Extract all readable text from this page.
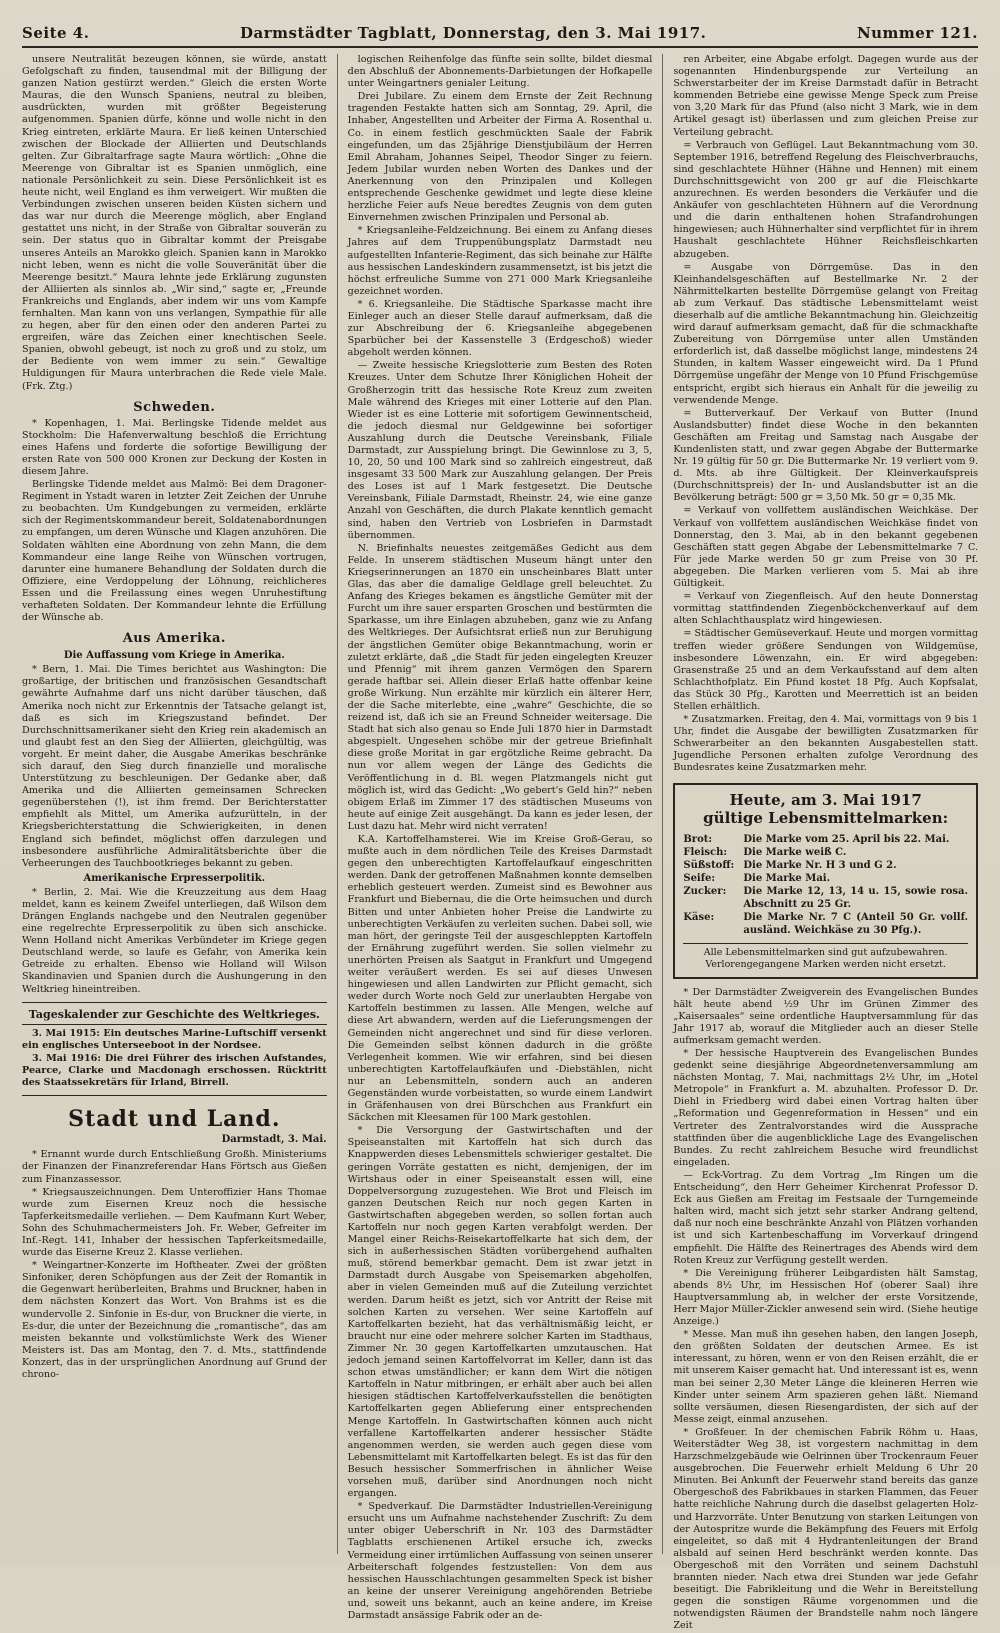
Seite 4.	Darmstädter Tagblatt, Donnerstag, den 3. Mai 1917.	Nummer 121.

unsere Neutralität bezeugen können, sie würde, anstatt Gefolgschaft zu finden, tausendmal mit der Billigung der ganzen Nation gestürzt werden.“ Gleich die ersten Worte Mauras, die den Wunsch Spaniens, neutral zu bleiben, ausdrückten, wurden mit größter Begeisterung aufgenommen. Spanien dürfe, könne und wolle nicht in den Krieg eintreten, erklärte Maura. Er ließ keinen Unterschied zwischen der Blockade der Alliierten und Deutschlands gelten. Zur Gibraltarfrage sagte Maura wörtlich: „Ohne die Meerenge von Gibraltar ist es Spanien unmöglich, eine nationale Persönlichkeit zu sein. Diese Persönlichkeit ist es heute nicht, weil England es ihm verweigert. Wir mußten die Verbindungen zwischen unseren beiden Küsten sichern und das war nur durch die Meerenge möglich, aber England gestattet uns nicht, in der Straße von Gibraltar souverän zu sein. Der status quo in Gibraltar kommt der Preisgabe unseres Anteils an Marokko gleich. Spanien kann in Marokko nicht leben, wenn es nicht die volle Souveränität über die Meerenge besitzt.“ Maura lehnte jede Erklärung zugunsten der Alliierten als sinnlos ab. „Wir sind,“ sagte er, „Freunde Frankreichs und Englands, aber indem wir uns vom Kampfe fernhalten. Man kann von uns verlangen, Sympathie für alle zu hegen, aber für den einen oder den anderen Partei zu ergreifen, wäre das Zeichen einer knechtischen Seele. Spanien, obwohl gebeugt, ist noch zu groß und zu stolz, um der Bediente von wem immer zu sein.“ Gewaltige Huldigungen für Maura unterbrachen die Rede viele Male. (Frk. Ztg.)

Schweden.

* Kopenhagen, 1. Mai. Berlingske Tidende meldet aus Stockholm: Die Hafenverwaltung beschloß die Errichtung eines Hafens und forderte die sofortige Bewilligung der ersten Rate von 500 000 Kronen zur Deckung der Kosten in diesem Jahre.

Berlingske Tidende meldet aus Malmö: Bei dem Dragoner-Regiment in Ystadt waren in letzter Zeit Zeichen der Unruhe zu beobachten. Um Kundgebungen zu vermeiden, erklärte sich der Regimentskommandeur bereit, Soldatenabordnungen zu empfangen, um deren Wünsche und Klagen anzuhören. Die Soldaten wählten eine Abordnung von zehn Mann, die dem Kommandeur eine lange Reihe von Wünschen vortrugen, darunter eine humanere Behandlung der Soldaten durch die Offiziere, eine Verdoppelung der Löhnung, reichlicheres Essen und die Freilassung eines wegen Unruhestiftung verhafteten Soldaten. Der Kommandeur lehnte die Erfüllung der Wünsche ab.

Aus Amerika.
Die Auffassung vom Kriege in Amerika.

* Bern, 1. Mai. Die Times berichtet aus Washington: Die großartige, der britischen und französischen Gesandtschaft gewährte Aufnahme darf uns nicht darüber täuschen, daß Amerika noch nicht zur Erkenntnis der Tatsache gelangt ist, daß es sich im Kriegszustand befindet. Der Durchschnittsamerikaner sieht den Krieg rein akademisch an und glaubt fest an den Sieg der Alliierten, gleichgültig, was vorgeht. Er meint daher, die Ausgabe Amerikas beschränke sich darauf, den Sieg durch finanzielle und moralische Unterstützung zu beschleunigen. Der Gedanke aber, daß Amerika und die Alliierten gemeinsamen Schrecken gegenüberstehen (!), ist ihm fremd. Der Berichterstatter empfiehlt als Mittel, um Amerika aufzurütteln, in der Kriegsberichterstattung die Schwierigkeiten, in denen England sich befindet, möglichst offen darzulegen und insbesondere ausführliche Admiralitätsberichte über die Verheerungen des Tauchbootkrieges bekannt zu geben.

Amerikanische Erpresserpolitik.

* Berlin, 2. Mai. Wie die Kreuzzeitung aus dem Haag meldet, kann es keinem Zweifel unterliegen, daß Wilson dem Drängen Englands nachgebe und den Neutralen gegenüber eine regelrechte Erpresserpolitik zu üben sich anschicke. Wenn Holland nicht Amerikas Verbündeter im Kriege gegen Deutschland werde, so laufe es Gefahr, von Amerika kein Getreide zu erhalten. Ebenso wie Holland will Wilson Skandinavien und Spanien durch die Aushungerung in den Weltkrieg hineintreiben.

Tageskalender zur Geschichte des Weltkrieges.

3. Mai 1915: Ein deutsches Marine-Luftschiff versenkt ein englisches Unterseeboot in der Nordsee.

3. Mai 1916: Die drei Führer des irischen Aufstandes, Pearce, Clarke und Macdonagh erschossen. Rücktritt des Staatssekretärs für Irland, Birrell.

Stadt und Land.
Darmstadt, 3. Mai.

* Ernannt wurde durch Entschließung Großh. Ministeriums der Finanzen der Finanzreferendar Hans Förtsch aus Gießen zum Finanzassessor.

* Kriegsauszeichnungen. Dem Unteroffizier Hans Thomae wurde zum Eisernen Kreuz noch die hessische Tapferkeitsmedaille verliehen. — Dem Kaufmann Kurt Weber, Sohn des Schuhmachermeisters Joh. Fr. Weber, Gefreiter im Inf.-Regt. 141, Inhaber der hessischen Tapferkeitsmedaille, wurde das Eiserne Kreuz 2. Klasse verliehen.

* Weingartner-Konzerte im Hoftheater. Zwei der größten Sinfoniker, deren Schöpfungen aus der Zeit der Romantik in die Gegenwart herüberleiten, Brahms und Bruckner, haben in dem nächsten Konzert das Wort. Von Brahms ist es die wundervolle 2. Sinfonie in Es-dur, von Bruckner die vierte, in Es-dur, die unter der Bezeichnung die „romantische“, das am meisten bekannte und volkstümlichste Werk des Wiener Meisters ist. Das am Montag, den 7. d. Mts., stattfindende Konzert, das in der ursprünglichen Anordnung auf Grund der chrono-

logischen Reihenfolge das fünfte sein sollte, bildet diesmal den Abschluß der Abonnements-Darbietungen der Hofkapelle unter Weingartners genialer Leitung.

Drei Jubilare. Zu einem dem Ernste der Zeit Rechnung tragenden Festakte hatten sich am Sonntag, 29. April, die Inhaber, Angestellten und Arbeiter der Firma A. Rosenthal u. Co. in einem festlich geschmückten Saale der Fabrik eingefunden, um das 25jährige Dienstjubiläum der Herren Emil Abraham, Johannes Seipel, Theodor Singer zu feiern. Jedem Jubilar wurden neben Worten des Dankes und der Anerkennung von den Prinzipalen und Kollegen entsprechende Geschenke gewidmet und legte diese kleine herzliche Feier aufs Neue beredtes Zeugnis von dem guten Einvernehmen zwischen Prinzipalen und Personal ab.

* Kriegsanleihe-Feldzeichnung. Bei einem zu Anfang dieses Jahres auf dem Truppenübungsplatz Darmstadt neu aufgestellten Infanterie-Regiment, das sich beinahe zur Hälfte aus hessischen Landeskindern zusammensetzt, ist bis jetzt die höchst erfreuliche Summe von 271 000 Mark Kriegsanleihe gezeichnet worden.

* 6. Kriegsanleihe. Die Städtische Sparkasse macht ihre Einleger auch an dieser Stelle darauf aufmerksam, daß die zur Abschreibung der 6. Kriegsanleihe abgegebenen Sparbücher bei der Kassenstelle 3 (Erdgeschoß) wieder abgeholt werden können.

— Zweite hessische Kriegslotterie zum Besten des Roten Kreuzes. Unter dem Schutze Ihrer Königlichen Hoheit der Großherzogin tritt das hessische Rote Kreuz zum zweiten Male während des Krieges mit einer Lotterie auf den Plan. Wieder ist es eine Lotterie mit sofortigem Gewinnentscheid, die jedoch diesmal nur Geldgewinne bei sofortiger Auszahlung durch die Deutsche Vereinsbank, Filiale Darmstadt, zur Ausspielung bringt. Die Gewinnlose zu 3, 5, 10, 20, 50 und 100 Mark sind so zahlreich eingestreut, daß insgesamt 33 500 Mark zur Auszahlung gelangen. Der Preis des Loses ist auf 1 Mark festgesetzt. Die Deutsche Vereinsbank, Filiale Darmstadt, Rheinstr. 24, wie eine ganze Anzahl von Geschäften, die durch Plakate kenntlich gemacht sind, haben den Vertrieb von Losbriefen in Darmstadt übernommen.

N. Briefinhalts neuestes zeitgemäßes Gedicht aus dem Felde. In unserem städtischen Museum hängt unter den Kriegserinnerungen an 1870 ein unscheinbares Blatt unter Glas, das aber die damalige Geldlage grell beleuchtet. Zu Anfang des Krieges bekamen es ängstliche Gemüter mit der Furcht um ihre sauer ersparten Groschen und bestürmten die Sparkasse, um ihre Einlagen abzuheben, ganz wie zu Anfang des Weltkrieges. Der Aufsichtsrat erließ nun zur Beruhigung der ängstlichen Gemüter obige Bekanntmachung, worin er zuletzt erklärte, daß „die Stadt für jeden eingelegten Kreuzer und Pfennig“ mit ihrem ganzen Vermögen den Sparern gerade haftbar sei. Allein dieser Erlaß hatte offenbar keine große Wirkung. Nun erzählte mir kürzlich ein älterer Herr, der die Sache miterlebte, eine „wahre“ Geschichte, die so reizend ist, daß ich sie an Freund Schneider weitersage. Die Stadt hat sich also genau so Ende Juli 1870 hier in Darmstadt abgespielt. Ungesehen schöbe mir der getreue Briefinhalt diese große Moritat in gar ergötzliche Reime gebracht. Da nun vor allem wegen der Länge des Gedichts die Veröffentlichung in d. Bl. wegen Platzmangels nicht gut möglich ist, wird das Gedicht: „Wo gebert's Geld hin?“ neben obigem Erlaß im Zimmer 17 des städtischen Museums von heute auf einige Zeit ausgehängt. Da kann es jeder lesen, der Lust dazu hat. Mehr wird nicht verraten!

K.A. Kartoffelhamsterei. Wie im Kreise Groß-Gerau, so mußte auch in dem nördlichen Teile des Kreises Darmstadt gegen den unberechtigten Kartoffelaufkauf eingeschritten werden. Dank der getroffenen Maßnahmen konnte demselben erheblich gesteuert werden. Zumeist sind es Bewohner aus Frankfurt und Biebernau, die die Orte heimsuchen und durch Bitten und unter Anbieten hoher Preise die Landwirte zu unberechtigten Verkäufen zu verleiten suchen. Dabei soll, wie man hört, der geringste Teil der ausgeschleppten Kartoffeln der Ernährung zugeführt werden. Sie sollen vielmehr zu unerhörten Preisen als Saatgut in Frankfurt und Umgegend weiter veräußert werden. Es sei auf dieses Unwesen hingewiesen und allen Landwirten zur Pflicht gemacht, sich weder durch Worte noch Geld zur unerlaubten Hergabe von Kartoffeln bestimmen zu lassen. Alle Mengen, welche auf diese Art abwandern, werden auf die Lieferungsmengen der Gemeinden nicht angerechnet und sind für diese verloren. Die Gemeinden selbst können dadurch in die größte Verlegenheit kommen. Wie wir erfahren, sind bei diesen unberechtigten Kartoffelaufkäufen und -Diebstählen, nicht nur an Lebensmitteln, sondern auch an anderen Gegenständen wurde vorbeistatten, so wurde einem Landwirt in Gräfenhausen von drei Bürschchen aus Frankfurt ein Säckchen mit Kleesamen für 100 Mark gestohlen.

* Die Versorgung der Gastwirtschaften und der Speiseanstalten mit Kartoffeln hat sich durch das Knappwerden dieses Lebensmittels schwieriger gestaltet. Die geringen Vorräte gestatten es nicht, demjenigen, der im Wirtshaus oder in einer Speiseanstalt essen will, eine Doppelversorgung zuzugestehen. Wie Brot und Fleisch im ganzen Deutschen Reich nur noch gegen Karten in Gastwirtschaften abgegeben werden, so sollen fortan auch Kartoffeln nur noch gegen Karten verabfolgt werden. Der Mangel einer Reichs-Reisekartoffelkarte hat sich dem, der sich in außerhessischen Städten vorübergehend aufhalten muß, störend bemerkbar gemacht. Dem ist zwar jetzt in Darmstadt durch Ausgabe von Speisemarken abgeholfen, aber in vielen Gemeinden muß auf die Zuteilung verzichtet werden. Darum heißt es jetzt, sich vor Antritt der Reise mit solchen Karten zu versehen. Wer seine Kartoffeln auf Kartoffelkarten bezieht, hat das verhältnismäßig leicht, er braucht nur eine oder mehrere solcher Karten im Stadthaus, Zimmer Nr. 30 gegen Kartoffelkarten umzutauschen. Hat jedoch jemand seinen Kartoffelvorrat im Keller, dann ist das schon etwas umständlicher; er kann dem Wirt die nötigen Kartoffeln in Natur mitbringen, er erhält aber auch bei allen hiesigen städtischen Kartoffelverkaufsstellen die benötigten Kartoffelkarten gegen Ablieferung einer entsprechenden Menge Kartoffeln. In Gastwirtschaften können auch nicht verfallene Kartoffelkarten anderer hessischer Städte angenommen werden, sie werden auch gegen diese vom Lebensmittelamt mit Kartoffelkarten belegt. Es ist das für den Besuch hessischer Sommerfrischen in ähnlicher Weise vorsehen muß, darüber sind Anordnungen noch nicht ergangen.

* Spedverkauf. Die Darmstädter Industriellen-Vereinigung ersucht uns um Aufnahme nachstehender Zuschrift: Zu dem unter obiger Ueberschrift in Nr. 103 des Darmstädter Tagblatts erschienenen Artikel ersuche ich, zwecks Vermeidung einer irrtümlichen Auffassung von seinen unserer Arbeiterschaft folgendes festzustellen: Von dem aus hessischen Hausschlachtungen gesammelten Speck ist bisher an keine der unserer Vereinigung angehörenden Betriebe und, soweit uns bekannt, auch an keine andere, im Kreise Darmstadt ansässige Fabrik oder an de-

ren Arbeiter, eine Abgabe erfolgt. Dagegen wurde aus der sogenannten Hindenburgspende zur Verteilung an Schwerstarbeiter der im Kreise Darmstadt dafür in Betracht kommenden Betriebe eine gewisse Menge Speck zum Preise von 3,20 Mark für das Pfund (also nicht 3 Mark, wie in dem Artikel gesagt ist) überlassen und zum gleichen Preise zur Verteilung gebracht.

= Verbrauch von Geflügel. Laut Bekanntmachung vom 30. September 1916, betreffend Regelung des Fleischverbrauchs, sind geschlachtete Hühner (Hähne und Hennen) mit einem Durchschnittsgewicht von 200 gr auf die Fleischkarte anzurechnen. Es werden besonders die Verkäufer und die Ankäufer von geschlachteten Hühnern auf die Verordnung und die darin enthaltenen hohen Strafandrohungen hingewiesen; auch Hühnerhalter sind verpflichtet für in ihrem Haushalt geschlachtete Hühner Reichsfleischkarten abzugeben.

= Ausgabe von Dörrgemüse. Das in den Kleinhandelsgeschäften auf Bestellmarke Nr. 2 der Nährmittelkarten bestellte Dörrgemüse gelangt von Freitag ab zum Verkauf. Das städtische Lebensmittelamt weist dieserhalb auf die amtliche Bekanntmachung hin. Gleichzeitig wird darauf aufmerksam gemacht, daß für die schmackhafte Zubereitung von Dörrgemüse unter allen Umständen erforderlich ist, daß dasselbe möglichst lange, mindestens 24 Stunden, in kaltem Wasser eingeweicht wird. Da 1 Pfund Dörrgemüse ungefähr der Menge von 10 Pfund Frischgemüse entspricht, ergibt sich hieraus ein Anhalt für die jeweilig zu verwendende Menge.

= Butterverkauf. Der Verkauf von Butter (Inund Auslandsbutter) findet diese Woche in den bekannten Geschäften am Freitag und Samstag nach Ausgabe der Kundenlisten statt, und zwar gegen Abgabe der Buttermarke Nr. 19 gültig für 50 gr. Die Buttermarke Nr. 19 verliert vom 9. d. Mts. ab ihre Gültigkeit. Der Kleinverkaufspreis (Durchschnittspreis) der In- und Auslandsbutter ist an die Bevölkerung beträgt: 500 gr = 3,50 Mk. 50 gr = 0,35 Mk.

= Verkauf von vollfettem ausländischen Weichkäse. Der Verkauf von vollfettem ausländischen Weichkäse findet von Donnerstag, den 3. Mai, ab in den bekannt gegebenen Geschäften statt gegen Abgabe der Lebensmittelmarke 7 C. Für jede Marke werden 50 gr zum Preise von 30 Pf. abgegeben. Die Marken verlieren vom 5. Mai ab ihre Gültigkeit.

= Verkauf von Ziegenfleisch. Auf den heute Donnerstag vormittag stattfindenden Ziegenböckchenverkauf auf dem alten Schlachthausplatz wird hingewiesen.

= Städtischer Gemüseverkauf. Heute und morgen vormittag treffen wieder größere Sendungen von Wildgemüse, insbesondere Löwenzahn, ein. Er wird abgegeben: Grasenstraße 25 und an dem Verkaufsstand auf dem alten Schlachthofplatz. Ein Pfund kostet 18 Pfg. Auch Kopfsalat, das Stück 30 Pfg., Karotten und Meerrettich ist an beiden Stellen erhältlich.

* Zusatzmarken. Freitag, den 4. Mai, vormittags von 9 bis 1 Uhr, findet die Ausgabe der bewilligten Zusatzmarken für Schwerarbeiter an den bekannten Ausgabestellen statt. Jugendliche Personen erhalten zufolge Verordnung des Bundesrates keine Zusatzmarken mehr.

Heute, am 3. Mai 1917
gültige Lebensmittelmarken:
Brot:	Die Marke vom 25. April bis 22. Mai.
Fleisch:	Die Marke weiß C.
Süßstoff: Die Marke Nr. H 3 und G 2.
Seife:	Die Marke Mai.
Zucker:	Die Marke 12, 13, 14 u. 15, sowie rosa. Abschnitt zu 25 Gr.
Käse:	Die Marke Nr. 7 C (Anteil 50 Gr. vollf. ausländ. Weichkäse zu 30 Pfg.).
Alle Lebensmittelmarken sind gut aufzubewahren. Verlorengegangene Marken werden nicht ersetzt.

* Der Darmstädter Zweigverein des Evangelischen Bundes hält heute abend ½9 Uhr im Grünen Zimmer des „Kaisersaales“ seine ordentliche Hauptversammlung für das Jahr 1917 ab, worauf die Mitglieder auch an dieser Stelle aufmerksam gemacht werden.

* Der hessische Hauptverein des Evangelischen Bundes gedenkt seine diesjährige Abgeordnetenversammlung am nächsten Montag, 7. Mai, nachmittags 2½ Uhr, im „Hotel Metropole“ in Frankfurt a. M. abzuhalten. Professor D. Dr. Diehl in Friedberg wird dabei einen Vortrag halten über „Reformation und Gegenreformation in Hessen“ und ein Vertreter des Zentralvorstandes wird die Aussprache stattfinden über die augenblickliche Lage des Evangelischen Bundes. Zu recht zahlreichem Besuche wird freundlichst eingeladen.

— Eck-Vortrag. Zu dem Vortrag „Im Ringen um die Entscheidung“, den Herr Geheimer Kirchenrat Professor D. Eck aus Gießen am Freitag im Festsaale der Turngemeinde halten wird, macht sich jetzt sehr starker Andrang geltend, daß nur noch eine beschränkte Anzahl von Plätzen vorhanden ist und sich Kartenbeschaffung im Vorverkauf dringend empfiehlt. Die Hälfte des Reinertrages des Abends wird dem Roten Kreuz zur Verfügung gestellt werden.

* Die Vereinigung früherer Leibgardisten hält Samstag, abends 8½ Uhr, im Hessischen Hof (oberer Saal) ihre Hauptversammlung ab, in welcher der erste Vorsitzende, Herr Major Müller-Zickler anwesend sein wird. (Siehe heutige Anzeige.)

* Messe. Man muß ihn gesehen haben, den langen Joseph, den größten Soldaten der deutschen Armee. Es ist interessant, zu hören, wenn er von den Reisen erzählt, die er mit unserem Kaiser gemacht hat. Und interessant ist es, wenn man bei seiner 2,30 Meter Länge die kleineren Herren wie Kinder unter seinem Arm spazieren gehen läßt. Niemand sollte versäumen, diesen Riesengardisten, der sich auf der Messe zeigt, einmal anzusehen.

* Großfeuer. In der chemischen Fabrik Röhm u. Haas, Weiterstädter Weg 38, ist vorgestern nachmittag in dem Harzschmelzgebäude wie Oelrinnen über Trockenraum Feuer ausgebrochen. Die Feuerwehr erhielt Meldung 6 Uhr 20 Minuten. Bei Ankunft der Feuerwehr stand bereits das ganze Obergeschoß des Fabrikbaues in starken Flammen, das Feuer hatte reichliche Nahrung durch die daselbst gelagerten Holz- und Harzvorräte. Unter Benutzung von starken Leitungen von der Autospritze wurde die Bekämpfung des Feuers mit Erfolg eingeleitet, so daß mit 4 Hydrantenleitungen der Brand alsbald auf seinen Herd beschränkt werden konnte. Das Obergeschoß mit den Vorräten und seinem Dachstuhl brannten nieder. Nach etwa drei Stunden war jede Gefahr beseitigt. Die Fabrikleitung und die Wehr in Bereitstellung gegen die sonstigen Räume vorgenommen und die notwendigsten Räumen der Brandstelle nahm noch längere Zeit
